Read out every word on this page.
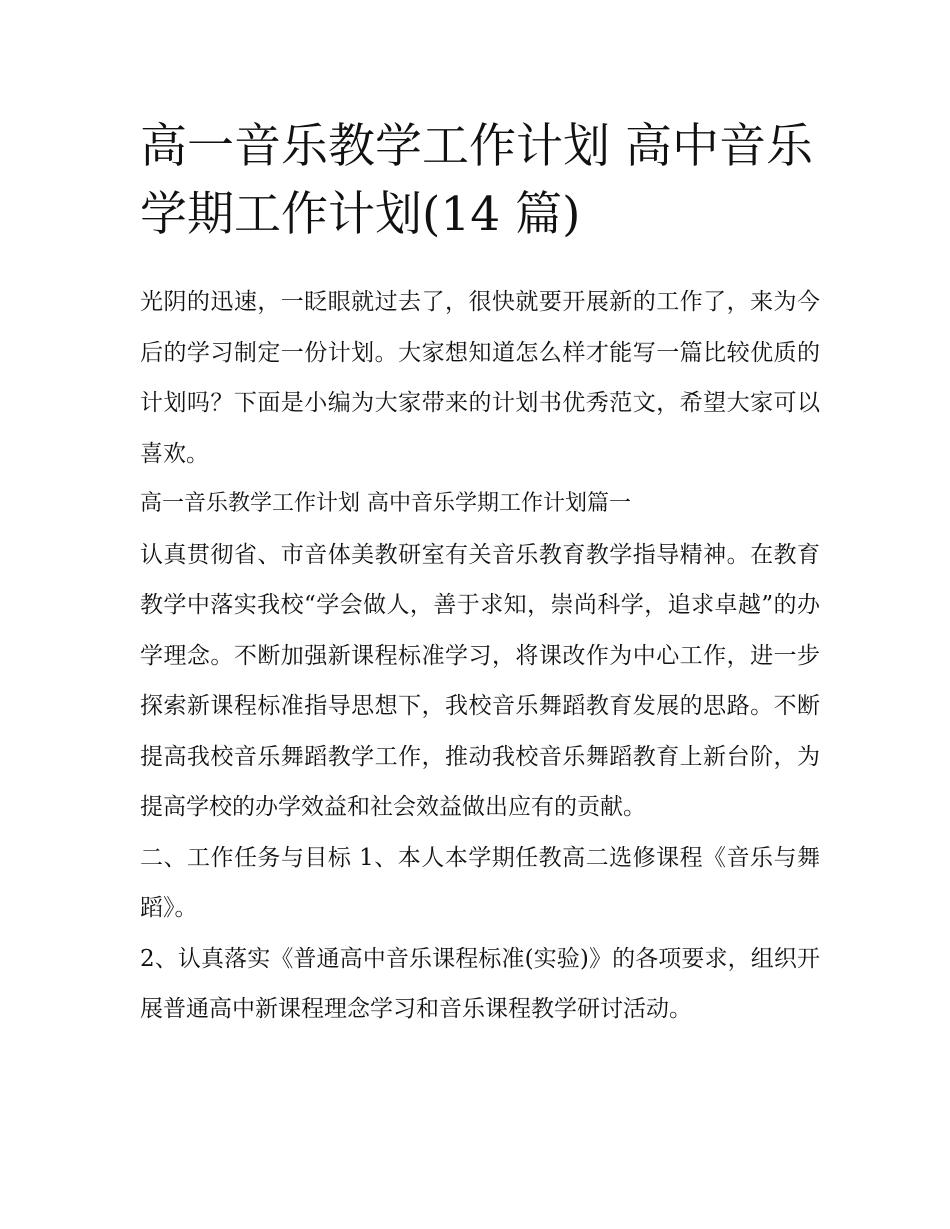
高一音乐教学工作计划 高中音乐学期工作计划(14 篇)

光阴的迅速，一眨眼就过去了，很快就要开展新的工作了，来为今后的学习制定一份计划。大家想知道怎么样才能写一篇比较优质的计划吗？下面是小编为大家带来的计划书优秀范文，希望大家可以喜欢。

高一音乐教学工作计划 高中音乐学期工作计划篇一

认真贯彻省、市音体美教研室有关音乐教育教学指导精神。在教育教学中落实我校“学会做人，善于求知，崇尚科学，追求卓越”的办学理念。不断加强新课程标准学习，将课改作为中心工作，进一步探索新课程标准指导思想下，我校音乐舞蹈教育发展的思路。不断提高我校音乐舞蹈教学工作，推动我校音乐舞蹈教育上新台阶，为提高学校的办学效益和社会效益做出应有的贡献。

二、工作任务与目标 1、本人本学期任教高二选修课程《音乐与舞蹈》。

2、认真落实《普通高中音乐课程标准(实验)》的各项要求，组织开展普通高中新课程理念学习和音乐课程教学研讨活动。
